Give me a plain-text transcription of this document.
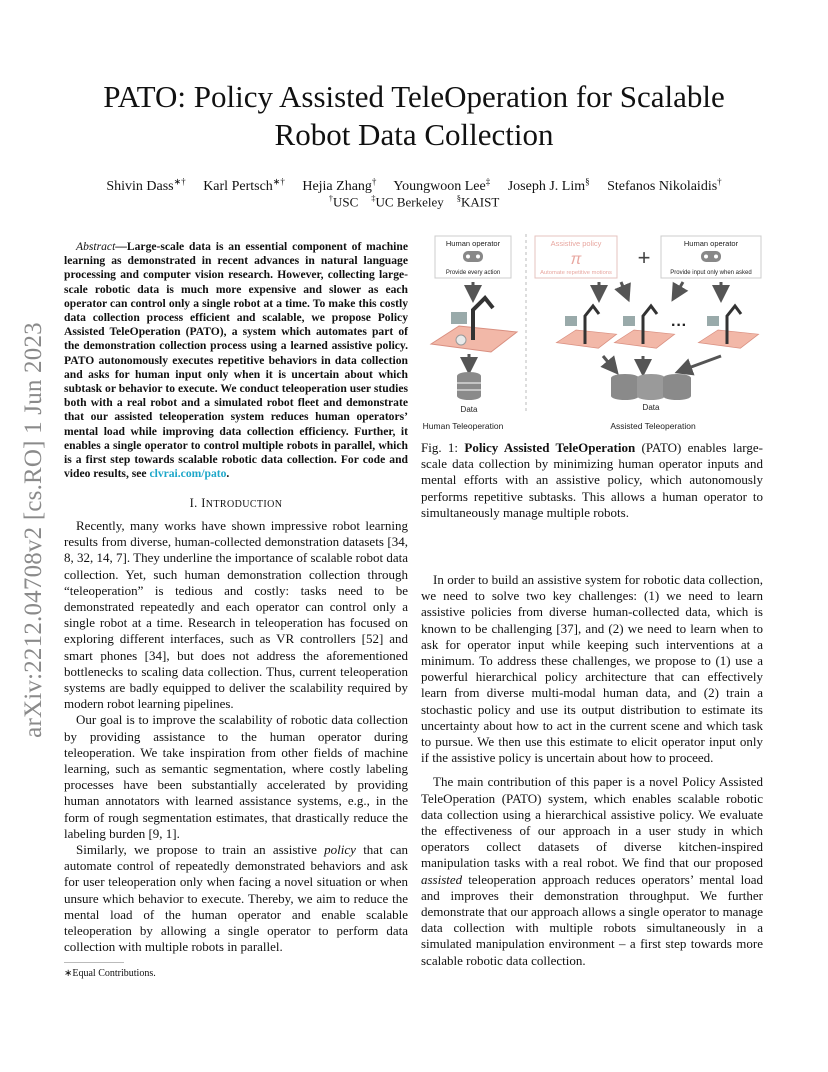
arXiv:2212.04708v2 [cs.RO] 1 Jun 2023
PATO: Policy Assisted TeleOperation for Scalable
Robot Data Collection
Shivin Dass∗† Karl Pertsch∗† Hejia Zhang† Youngwoon Lee‡ Joseph J. Lim§ Stefanos Nikolaidis†
†USC ‡UC Berkeley §KAIST
Abstract—Large-scale data is an essential component of machine learning as demonstrated in recent advances in natural language processing and computer vision research. However, collecting large-scale robotic data is much more expensive and slower as each operator can control only a single robot at a time. To make this costly data collection process efficient and scalable, we propose Policy Assisted TeleOperation (PATO), a system which automates part of the demonstration collection process using a learned assistive policy. PATO autonomously executes repetitive behaviors in data collection and asks for human input only when it is uncertain about which subtask or behavior to execute. We conduct teleoperation user studies both with a real robot and a simulated robot fleet and demonstrate that our assisted teleoperation system reduces human operators’ mental load while improving data collection efficiency. Further, it enables a single operator to control multiple robots in parallel, which is a first step towards scalable robotic data collection. For code and video results, see clvrai.com/pato.
I. INTRODUCTION

Recently, many works have shown impressive robot learning results from diverse, human-collected demonstration datasets [34, 8, 32, 14, 7]. They underline the importance of scalable robot data collection. Yet, such human demonstration collection through “teleoperation” is tedious and costly: tasks need to be demonstrated repeatedly and each operator can control only a single robot at a time. Research in teleoperation has focused on exploring different interfaces, such as VR controllers [52] and smart phones [34], but does not address the aforementioned bottlenecks to scaling data collection. Thus, current teleoperation systems are badly equipped to deliver the scalability required by modern robot learning pipelines.

Our goal is to improve the scalability of robotic data collection by providing assistance to the human operator during teleoperation. We take inspiration from other fields of machine learning, such as semantic segmentation, where costly labeling processes have been substantially accelerated by providing human annotators with learned assistance systems, e.g., in the form of rough segmentation estimates, that drastically reduce the labeling burden [9, 1].

Similarly, we propose to train an assistive policy that can automate control of repeatedly demonstrated behaviors and ask for user teleoperation only when facing a novel situation or when unsure which behavior to execute. Thereby, we aim to reduce the mental load of the human operator and enable scalable teleoperation by allowing a single operator to perform data collection with multiple robots in parallel.

∗Equal Contributions.
Human operator
Provide every action
Assistive policy
π
Automate repetitive motions
+
Human operator
Provide input only when asked
···
Data	Data
Human Teleoperation	Assisted Teleoperation
Fig. 1: Policy Assisted TeleOperation (PATO) enables large-scale data collection by minimizing human operator inputs and mental efforts with an assistive policy, which autonomously performs repetitive subtasks. This allows a human operator to simultaneously manage multiple robots.

In order to build an assistive system for robotic data collection, we need to solve two key challenges: (1) we need to learn assistive policies from diverse human-collected data, which is known to be challenging [37], and (2) we need to learn when to ask for operator input while keeping such interventions at a minimum. To address these challenges, we propose to (1) use a powerful hierarchical policy architecture that can effectively learn from diverse multi-modal human data, and (2) train a stochastic policy and use its output distribution to estimate its uncertainty about how to act in the current scene and which task to pursue. We then use this estimate to elicit operator input only if the assistive policy is uncertain about how to proceed.

The main contribution of this paper is a novel Policy Assisted TeleOperation (PATO) system, which enables scalable robotic data collection using a hierarchical assistive policy. We evaluate the effectiveness of our approach in a user study in which operators collect datasets of diverse kitchen-inspired manipulation tasks with a real robot. We find that our proposed assisted teleoperation approach reduces operators’ mental load and improves their demonstration throughput. We further demonstrate that our approach allows a single operator to manage data collection with multiple robots simultaneously in a simulated manipulation environment – a first step towards more scalable robotic data collection.
